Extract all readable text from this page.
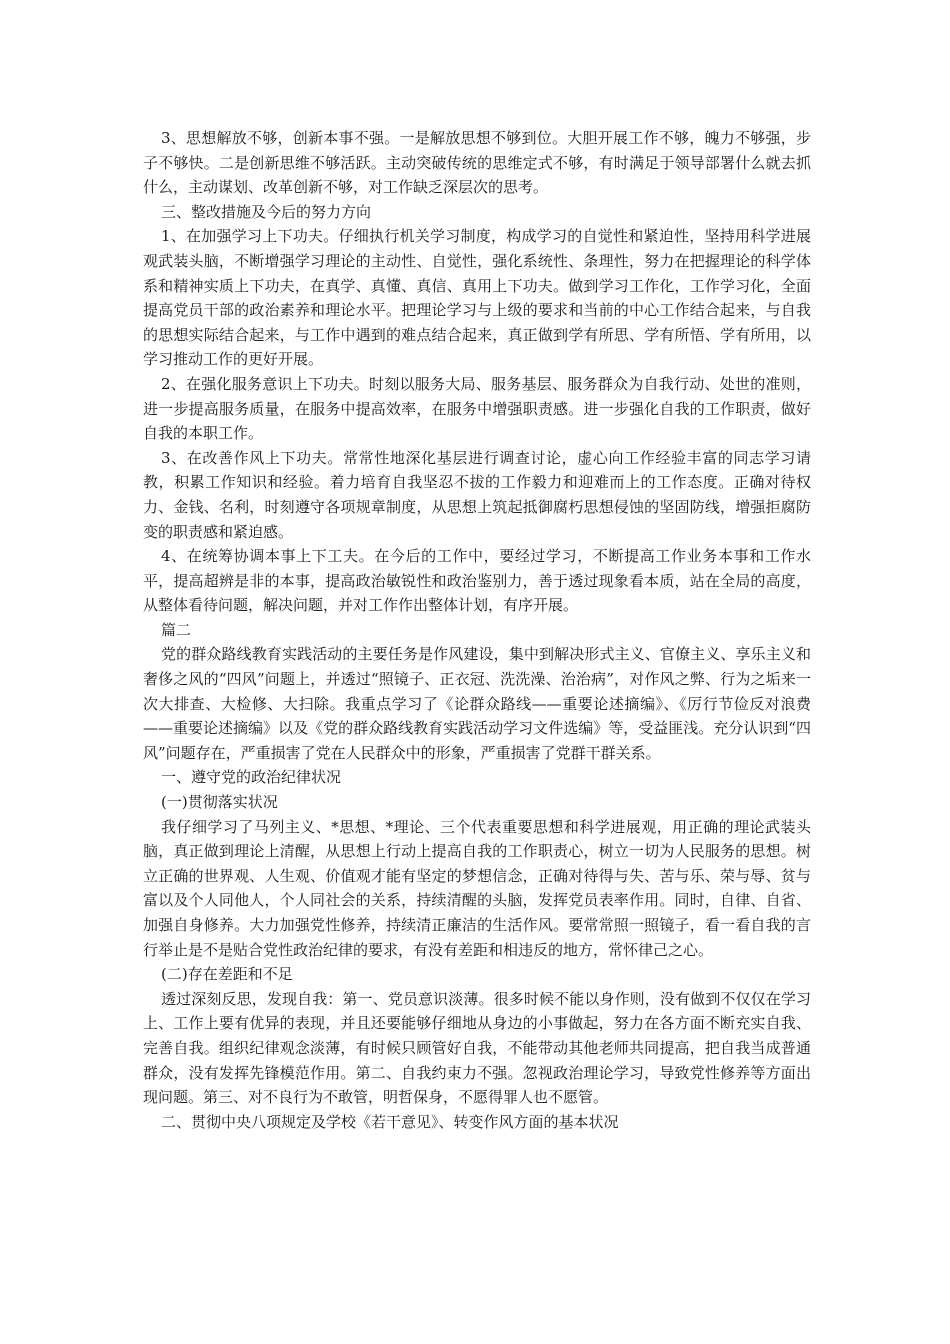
3、思想解放不够，创新本事不强。一是解放思想不够到位。大胆开展工作不够，魄力不够强，步子不够快。二是创新思维不够活跃。主动突破传统的思维定式不够，有时满足于领导部署什么就去抓什么，主动谋划、改革创新不够，对工作缺乏深层次的思考。

三、整改措施及今后的努力方向

1、在加强学习上下功夫。仔细执行机关学习制度，构成学习的自觉性和紧迫性，坚持用科学进展观武装头脑，不断增强学习理论的主动性、自觉性，强化系统性、条理性，努力在把握理论的科学体系和精神实质上下功夫，在真学、真懂、真信、真用上下功夫。做到学习工作化，工作学习化，全面提高党员干部的政治素养和理论水平。把理论学习与上级的要求和当前的中心工作结合起来，与自我的思想实际结合起来，与工作中遇到的难点结合起来，真正做到学有所思、学有所悟、学有所用，以学习推动工作的更好开展。

2、在强化服务意识上下功夫。时刻以服务大局、服务基层、服务群众为自我行动、处世的准则，进一步提高服务质量，在服务中提高效率，在服务中增强职责感。进一步强化自我的工作职责，做好自我的本职工作。

3、在改善作风上下功夫。常常性地深化基层进行调查讨论，虚心向工作经验丰富的同志学习请教，积累工作知识和经验。着力培育自我坚忍不拔的工作毅力和迎难而上的工作态度。正确对待权力、金钱、名利，时刻遵守各项规章制度，从思想上筑起抵御腐朽思想侵蚀的坚固防线，增强拒腐防变的职责感和紧迫感。

4、在统筹协调本事上下工夫。在今后的工作中，要经过学习，不断提高工作业务本事和工作水平，提高超辨是非的本事，提高政治敏锐性和政治鉴别力，善于透过现象看本质，站在全局的高度，从整体看待问题，解决问题，并对工作作出整体计划，有序开展。

篇二

党的群众路线教育实践活动的主要任务是作风建设，集中到解决形式主义、官僚主义、享乐主义和奢侈之风的“四风”问题上，并透过“照镜子、正衣冠、洗洗澡、治治病”，对作风之弊、行为之垢来一次大排查、大检修、大扫除。我重点学习了《论群众路线——重要论述摘编》、《厉行节俭反对浪费——重要论述摘编》以及《党的群众路线教育实践活动学习文件选编》等，受益匪浅。充分认识到“四风”问题存在，严重损害了党在人民群众中的形象，严重损害了党群干群关系。

一、遵守党的政治纪律状况

(一)贯彻落实状况

我仔细学习了马列主义、*思想、*理论、三个代表重要思想和科学进展观，用正确的理论武装头脑，真正做到理论上清醒，从思想上行动上提高自我的工作职责心，树立一切为人民服务的思想。树立正确的世界观、人生观、价值观才能有坚定的梦想信念，正确对待得与失、苦与乐、荣与辱、贫与富以及个人同他人，个人同社会的关系，持续清醒的头脑，发挥党员表率作用。同时，自律、自省、加强自身修养。大力加强党性修养，持续清正廉洁的生活作风。要常常照一照镜子，看一看自我的言行举止是不是贴合党性政治纪律的要求，有没有差距和相违反的地方，常怀律己之心。

(二)存在差距和不足

透过深刻反思，发现自我：第一、党员意识淡薄。很多时候不能以身作则，没有做到不仅仅在学习上、工作上要有优异的表现，并且还要能够仔细地从身边的小事做起，努力在各方面不断充实自我、完善自我。组织纪律观念淡薄，有时候只顾管好自我，不能带动其他老师共同提高，把自我当成普通群众，没有发挥先锋模范作用。第二、自我约束力不强。忽视政治理论学习，导致党性修养等方面出现问题。第三、对不良行为不敢管，明哲保身，不愿得罪人也不愿管。

二、贯彻中央八项规定及学校《若干意见》、转变作风方面的基本状况
